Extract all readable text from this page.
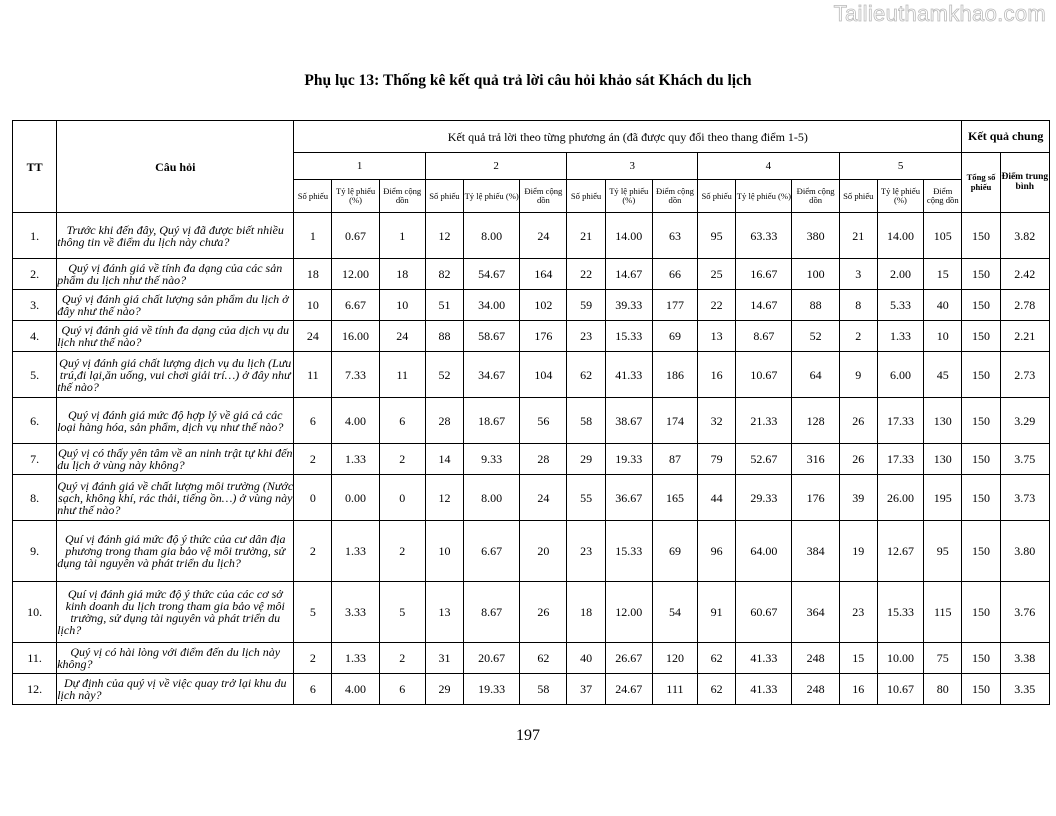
Tailieuthamkhao.com
Phụ lục 13: Thống kê kết quả trả lời câu hỏi khảo sát Khách du lịch
TT	Câu hỏi	Kết quả trả lời theo từng phương án (đã được quy đổi theo thang điểm 1-5)															Kết quả chung	
		1			2			3			4			5			Tổng số phiếu	Điểm trung bình
		Số phiếu	Tỷ lệ phiếu (%)	Điểm cộng dồn	Số phiếu	Tỷ lệ phiếu (%)	Điểm cộng dồn	Số phiếu	Tỷ lệ phiếu (%)	Điểm cộng dồn	Số phiếu	Tỷ lệ phiếu (%)	Điểm cộng dồn	Số phiếu	Tỷ lệ phiếu (%)	Điểm cộng dồn		
1.	Trước khi đến đây, Quý vị đã được biết nhiều thông tin về điểm du lịch này chưa?	1	0.67	1	12	8.00	24	21	14.00	63	95	63.33	380	21	14.00	105	150	3.82
2.	Quý vị đánh giá về tính đa dạng của các sản phẩm du lịch như thế nào?	18	12.00	18	82	54.67	164	22	14.67	66	25	16.67	100	3	2.00	15	150	2.42
3.	Quý vị đánh giá chất lượng sản phẩm du lịch ở đây như thế nào?	10	6.67	10	51	34.00	102	59	39.33	177	22	14.67	88	8	5.33	40	150	2.78
4.	Quý vị đánh giá về tính đa dạng của dịch vụ du lịch như thế nào?	24	16.00	24	88	58.67	176	23	15.33	69	13	8.67	52	2	1.33	10	150	2.21
5.	Quý vị đánh giá chất lượng dịch vụ du lịch (Lưu trú,đi lại,ăn uống, vui chơi giải trí…) ở đây như thế nào?	11	7.33	11	52	34.67	104	62	41.33	186	16	10.67	64	9	6.00	45	150	2.73
6.	Quý vị đánh giá mức độ hợp lý về giá cả các loại hàng hóa, sản phẩm, dịch vụ như thế nào?	6	4.00	6	28	18.67	56	58	38.67	174	32	21.33	128	26	17.33	130	150	3.29
7.	Quý vị có thấy yên tâm về an ninh trật tự khi đến du lịch ở vùng này không?	2	1.33	2	14	9.33	28	29	19.33	87	79	52.67	316	26	17.33	130	150	3.75
8.	Quý vị đánh giá về chất lượng môi trường (Nước sạch, không khí, rác thải, tiếng ồn…) ở vùng này như thế nào?	0	0.00	0	12	8.00	24	55	36.67	165	44	29.33	176	39	26.00	195	150	3.73
9.	Quí vị đánh giá mức độ ý thức của cư dân địa phương trong tham gia bảo vệ môi trường, sử dụng tài nguyên và phát triển du lịch?	2	1.33	2	10	6.67	20	23	15.33	69	96	64.00	384	19	12.67	95	150	3.80
10.	Quí vị đánh giá mức độ ý thức của các cơ sở kinh doanh du lịch trong tham gia bảo vệ môi trường, sử dụng tài nguyên và phát triển du lịch?	5	3.33	5	13	8.67	26	18	12.00	54	91	60.67	364	23	15.33	115	150	3.76
11.	Quý vị có hài lòng với điểm đến du lịch này không?	2	1.33	2	31	20.67	62	40	26.67	120	62	41.33	248	15	10.00	75	150	3.38
12.	Dự định của quý vị về việc quay trở lại khu du lịch này?	6	4.00	6	29	19.33	58	37	24.67	111	62	41.33	248	16	10.67	80	150	3.35
197
